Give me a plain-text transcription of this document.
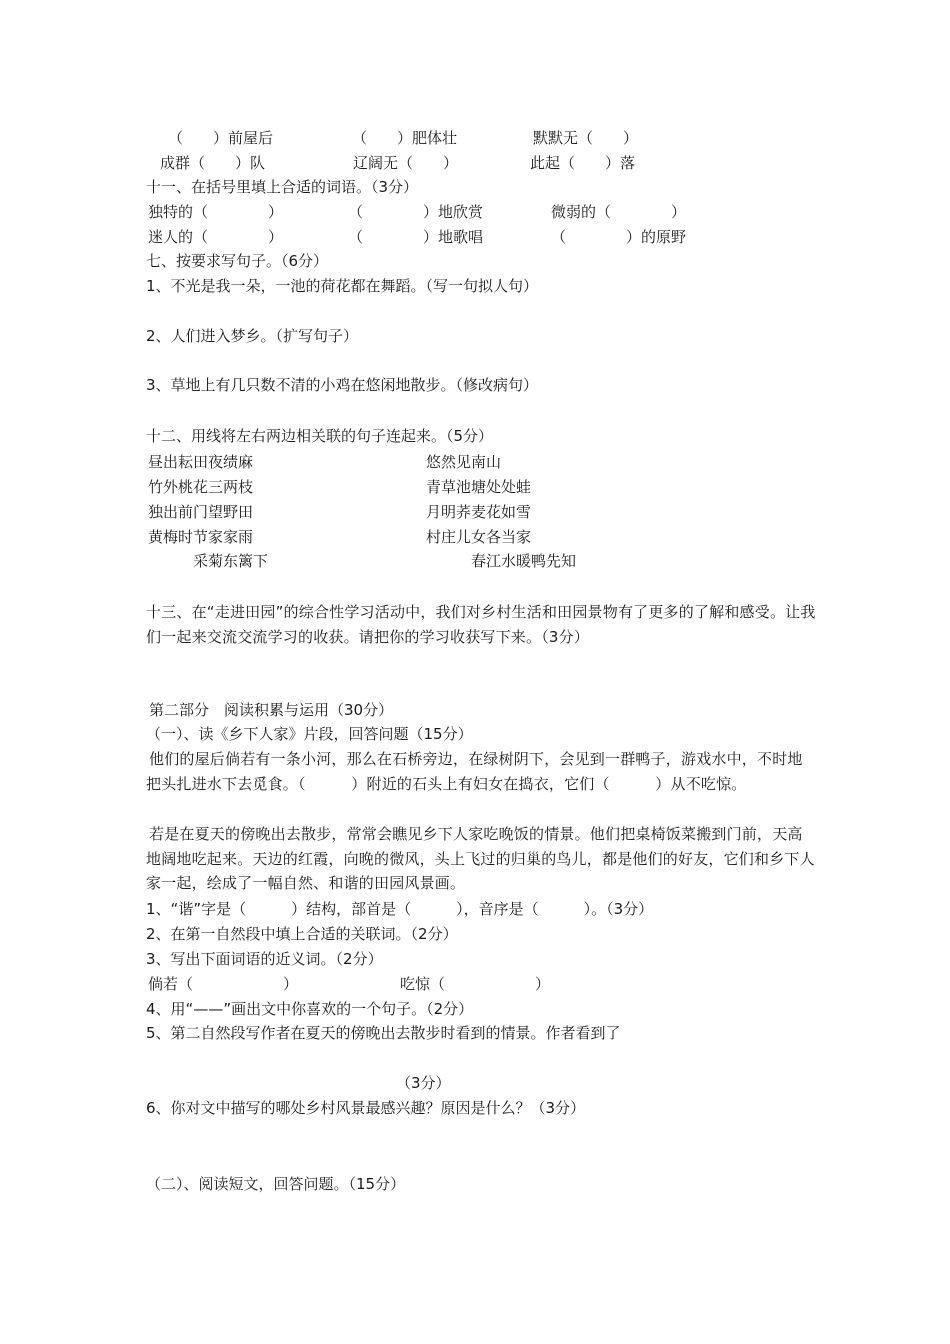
（　　）前屋后	（　　）肥体壮	默默无（　　）
成群（　　）队	辽阔无（　　）	此起（　　）落
十一、在括号里填上合适的词语。（3分）
独特的（　　　　）	（　　　　）地欣赏	微弱的（　　　　）
迷人的（　　　　）	（　　　　）地歌唱	（　　　　）的原野
七、按要求写句子。（6分）
1、不光是我一朵，一池的荷花都在舞蹈。（写一句拟人句）
2、人们进入梦乡。（扩写句子）
3、草地上有几只数不清的小鸡在悠闲地散步。（修改病句）
十二、用线将左右两边相关联的句子连起来。（5分）
昼出耘田夜绩麻	悠然见南山
竹外桃花三两枝	青草池塘处处蛙
独出前门望野田	月明荞麦花如雪
黄梅时节家家雨	村庄儿女各当家
采菊东篱下	春江水暖鸭先知
十三、在“走进田园”的综合性学习活动中，我们对乡村生活和田园景物有了更多的了解和感受。让我们一起来交流交流学习的收获。请把你的学习收获写下来。（3分）
第二部分　阅读积累与运用（30分）
（一）、读《乡下人家》片段，回答问题（15分）
他们的屋后倘若有一条小河，那么在石桥旁边，在绿树阴下，会见到一群鸭子，游戏水中，不时地把头扎进水下去觅食。（　　　）附近的石头上有妇女在捣衣，它们（　　　）从不吃惊。
若是在夏天的傍晚出去散步，常常会瞧见乡下人家吃晚饭的情景。他们把桌椅饭菜搬到门前，天高地阔地吃起来。天边的红霞，向晚的微风，头上飞过的归巢的鸟儿，都是他们的好友，它们和乡下人家一起，绘成了一幅自然、和谐的田园风景画。
1、“谐”字是（　　　）结构，部首是（　　　），音序是（　　　）。（3分）
2、在第一自然段中填上合适的关联词。（2分）
3、写出下面词语的近义词。（2分）
倘若（　　　　　　）	吃惊（　　　　　　）
4、用“——”画出文中你喜欢的一个句子。（2分）
5、第二自然段写作者在夏天的傍晚出去散步时看到的情景。作者看到了
（3分）
6、你对文中描写的哪处乡村风景最感兴趣？原因是什么？（3分）
（二）、阅读短文，回答问题。（15分）
